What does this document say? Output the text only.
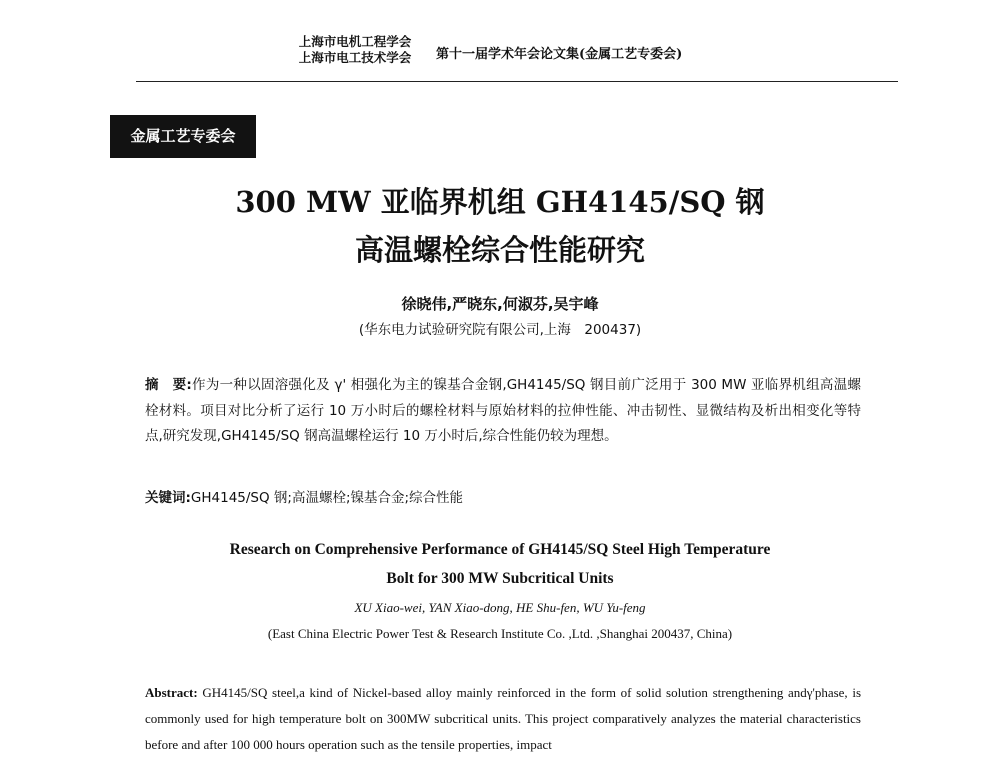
上海市电机工程学会
上海市电工技术学会	第十一届学术年会论文集(金属工艺专委会)
金属工艺专委会
300 MW 亚临界机组 GH4145/SQ 钢
高温螺栓综合性能研究
徐晓伟,严晓东,何淑芬,吴宇峰
(华东电力试验研究院有限公司,上海　200437)
摘　要:作为一种以固溶强化及 γ' 相强化为主的镍基合金钢,GH4145/SQ 钢目前广泛用于 300 MW 亚临界机组高温螺栓材料。项目对比分析了运行 10 万小时后的螺栓材料与原始材料的拉伸性能、冲击韧性、显微结构及析出相变化等特点,研究发现,GH4145/SQ 钢高温螺栓运行 10 万小时后,综合性能仍较为理想。
关键词:GH4145/SQ 钢;高温螺栓;镍基合金;综合性能
Research on Comprehensive Performance of GH4145/SQ Steel High Temperature
Bolt for 300 MW Subcritical Units
XU Xiao-wei, YAN Xiao-dong, HE Shu-fen, WU Yu-feng
(East China Electric Power Test & Research Institute Co. ,Ltd. ,Shanghai 200437, China)
Abstract: GH4145/SQ steel,a kind of Nickel-based alloy mainly reinforced in the form of solid solution strengthening andγ'phase, is commonly used for high temperature bolt on 300MW subcritical units. This project comparatively analyzes the material characteristics before and after 100 000 hours operation such as the tensile properties, impact
